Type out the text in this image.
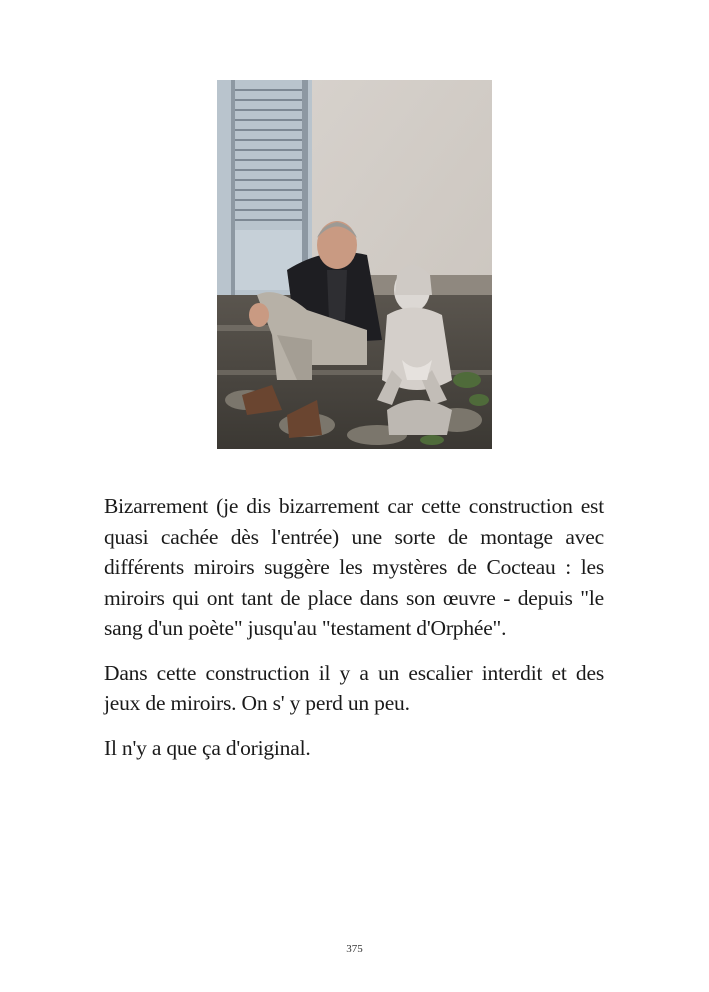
Bizarrement (je dis bizarrement car cette construction est quasi cachée dès l'entrée) une sorte de montage avec différents miroirs suggère les mystères de Cocteau : les miroirs qui ont tant de place dans son œuvre - depuis "le sang d'un poète" jusqu'au "testament d'Orphée".

Dans cette construction il y a un escalier interdit et des jeux de miroirs. On s' y perd un peu.

Il n'y a que ça d'original.

375
